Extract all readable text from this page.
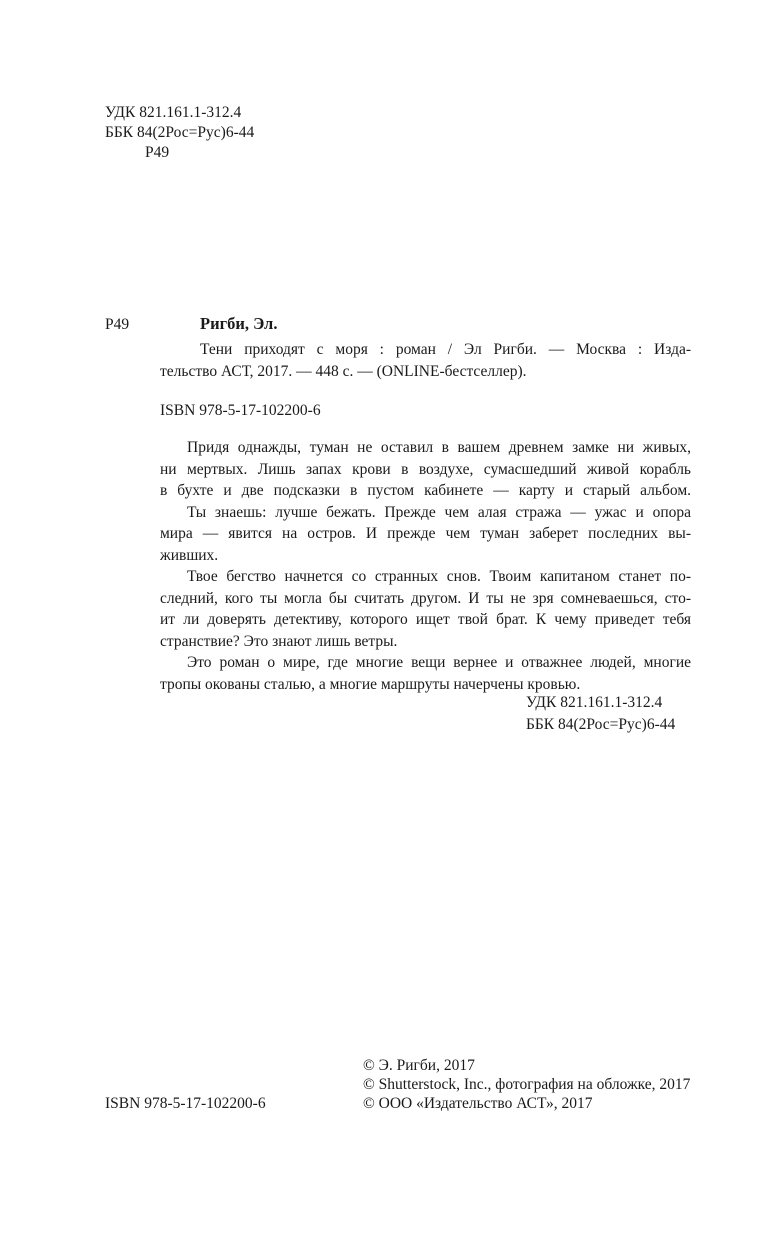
УДК 821.161.1-312.4
ББК 84(2Рос=Рус)6-44
Р49
Р49	Ригби, Эл.
Тени приходят с моря : роман / Эл Ригби. — Москва : Изда-
тельство АСТ, 2017. — 448 с. — (ONLINE-бестселлер).
ISBN 978-5-17-102200-6
Придя однажды, туман не оставил в вашем древнем замке ни живых,
ни мертвых. Лишь запах крови в воздухе, сумасшедший живой корабль
в бухте и две подсказки в пустом кабинете — карту и старый альбом.
Ты знаешь: лучше бежать. Прежде чем алая стража — ужас и опора
мира — явится на остров. И прежде чем туман заберет последних вы-
живших.
Твое бегство начнется со странных снов. Твоим капитаном станет по-
следний, кого ты могла бы считать другом. И ты не зря сомневаешься, сто-
ит ли доверять детективу, которого ищет твой брат. К чему приведет тебя
странствие? Это знают лишь ветры.
Это роман о мире, где многие вещи вернее и отважнее людей, многие
тропы окованы сталью, а многие маршруты начерчены кровью.
УДК 821.161.1-312.4
ББК 84(2Рос=Рус)6-44
© Э. Ригби, 2017
© Shutterstock, Inc., фотография на обложке, 2017
© ООО «Издательство АСТ», 2017
ISBN 978-5-17-102200-6
